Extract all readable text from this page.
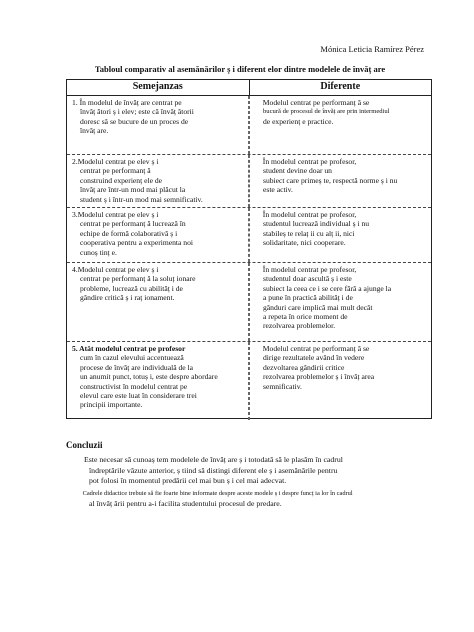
Mónica Leticia Ramírez Pérez
Tabloul comparativ al asemănărilor ș i diferent elor dintre modelele de învăț are
Semejanzas	Diferente

1. În modelul de învăț are centrat pe

învăț ători ș i elev; este că învăț ătorii

doresc să se bucure de un proces de

învăț are.

Modelul centrat pe performanț ă se

bucură de procesul de învăț are prin intermediul

de experienț e practice.

2.Modelul centrat pe elev ș i

centrat pe performanț ă

construind experienț ele de

învăț are într-un mod mai plăcut la

student ș i într-un mod mai semnificativ.

În modelul centrat pe profesor,

student devine doar un

subiect care primeș te, respectă norme ș i nu

este activ.

3.Modelul centrat pe elev ș i

centrat pe performanț ă lucrează în

echipe de formă colaborativă ș i

cooperativa pentru a experimenta noi

cunoș tinț e.

În modelul centrat pe profesor,

studentul lucrează individual ș i nu

stabileș te relaț ii cu alț ii, nici

solidaritate, nici cooperare.

4.Modelul centrat pe elev ș i

centrat pe performanț ă la soluț ionare

probleme, lucrează cu abilităț i de

gândire critică ș i raț ionament.

În modelul centrat pe profesor,

studentul doar ascultă ș i este

subiect la ceea ce i se cere fără a ajunge la

a pune în practică abilităț i de

gânduri care implică mai mult decât

a repeta în orice moment de

rezolvarea problemelor.

5. Atât modelul centrat pe profesor

cum în cazul elevului accentuează

procese de învăț are individuală de la

un anumit punct, totuș i, este despre abordare

constructivist în modelul centrat pe

elevul care este luat în considerare trei

principii importante.

Modelul centrat pe performanț ă se

dirige rezultatele având în vedere

dezvoltarea gândirii critice

rezolvarea problemelor ș i învăț area

semnificativ.

Concluzii

Este necesar să cunoaș tem modelele de învăț are ș i totodată să le plasăm în cadrul

îndreptările văzute anterior, ș tiind să distingi diferent ele ș i asemănările pentru

pot folosi în momentul predării cel mai bun ș i cel mai adecvat.

Cadrele didactice trebuie să fie foarte bine informate despre aceste modele ș i despre funcț ia lor în cadrul

al învăț ării pentru a-i facilita studentului procesul de predare.
